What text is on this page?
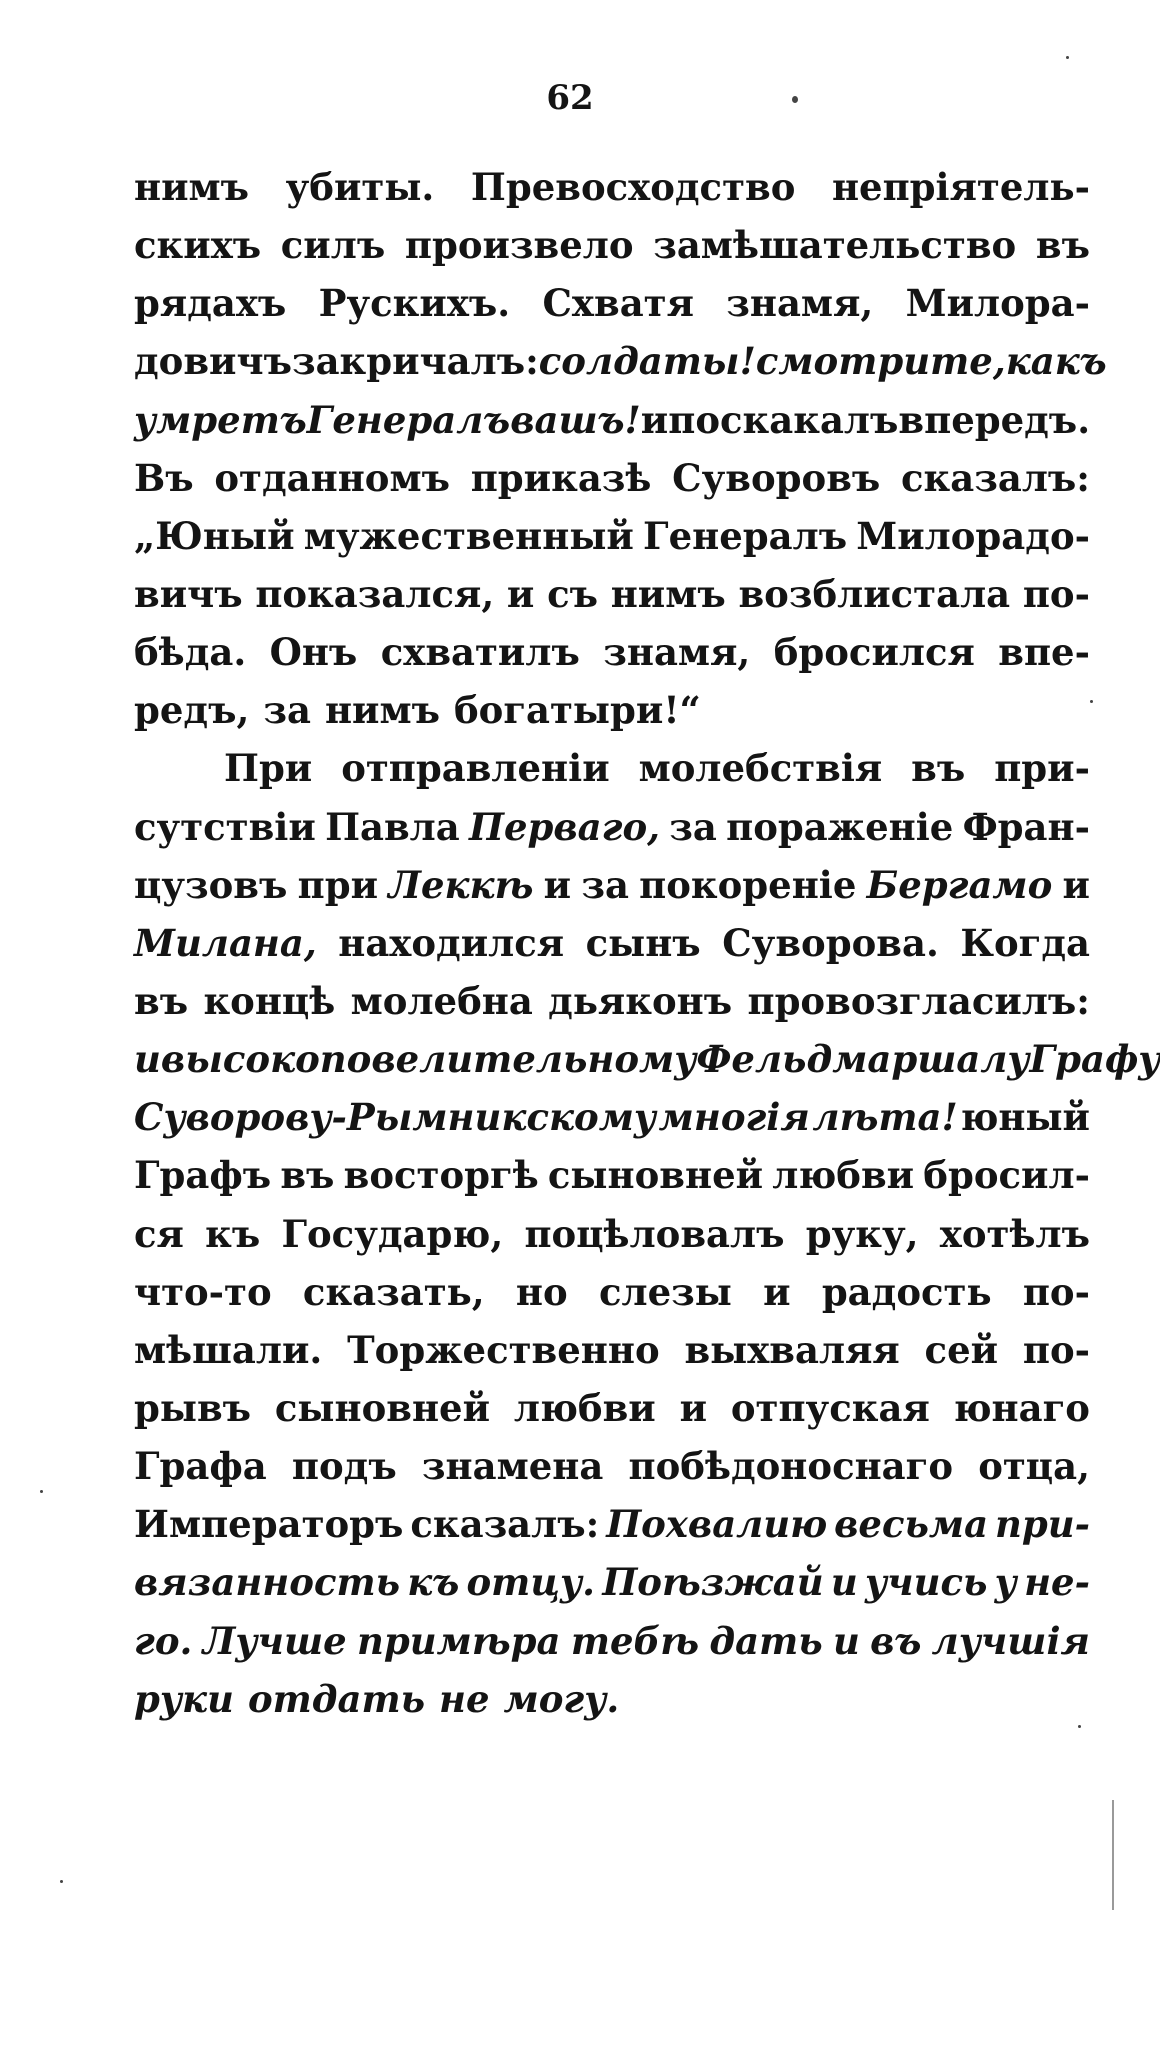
62
нимъ убиты. Превосходство непріятель-
скихъ силъ произвело замѣшательство въ
рядахъ Рускихъ. Схватя знамя, Милора-
довичъ закричалъ: солдаты! смотрите, какъ
умретъ Генералъ вашъ! и поскакалъ впередъ.
Въ отданномъ приказѣ Суворовъ сказалъ:
„Юный мужественный Генералъ Милорадо-
вичъ показался, и съ нимъ возблистала по-
бѣда. Онъ схватилъ знамя, бросился впе-
редъ, за нимъ богатыри!“
При отправленіи молебствія въ при-
сутствіи Павла Перваго, за пораженіе Фран-
цузовъ при Леккѣ и за покореніе Бергамо и
Милана, находился сынъ Суворова. Когда
въ концѣ молебна дьяконъ провозгласилъ:
и высокоповелительному Фельдмаршалу Графу
Суворову-Рымникскому многія лѣта! юный
Графъ въ восторгѣ сыновней любви бросил-
ся къ Государю, поцѣловалъ руку, хотѣлъ
что-то сказать, но слезы и радость по-
мѣшали. Торжественно выхваляя сей по-
рывъ сыновней любви и отпуская юнаго
Графа подъ знамена побѣдоноснаго отца,
Императоръ сказалъ: Похвалию весьма при-
вязанность къ отцу. Поѣзжай и учись у не-
го. Лучше примѣра тебѣ дать и въ лучшія
руки отдать не могу.
